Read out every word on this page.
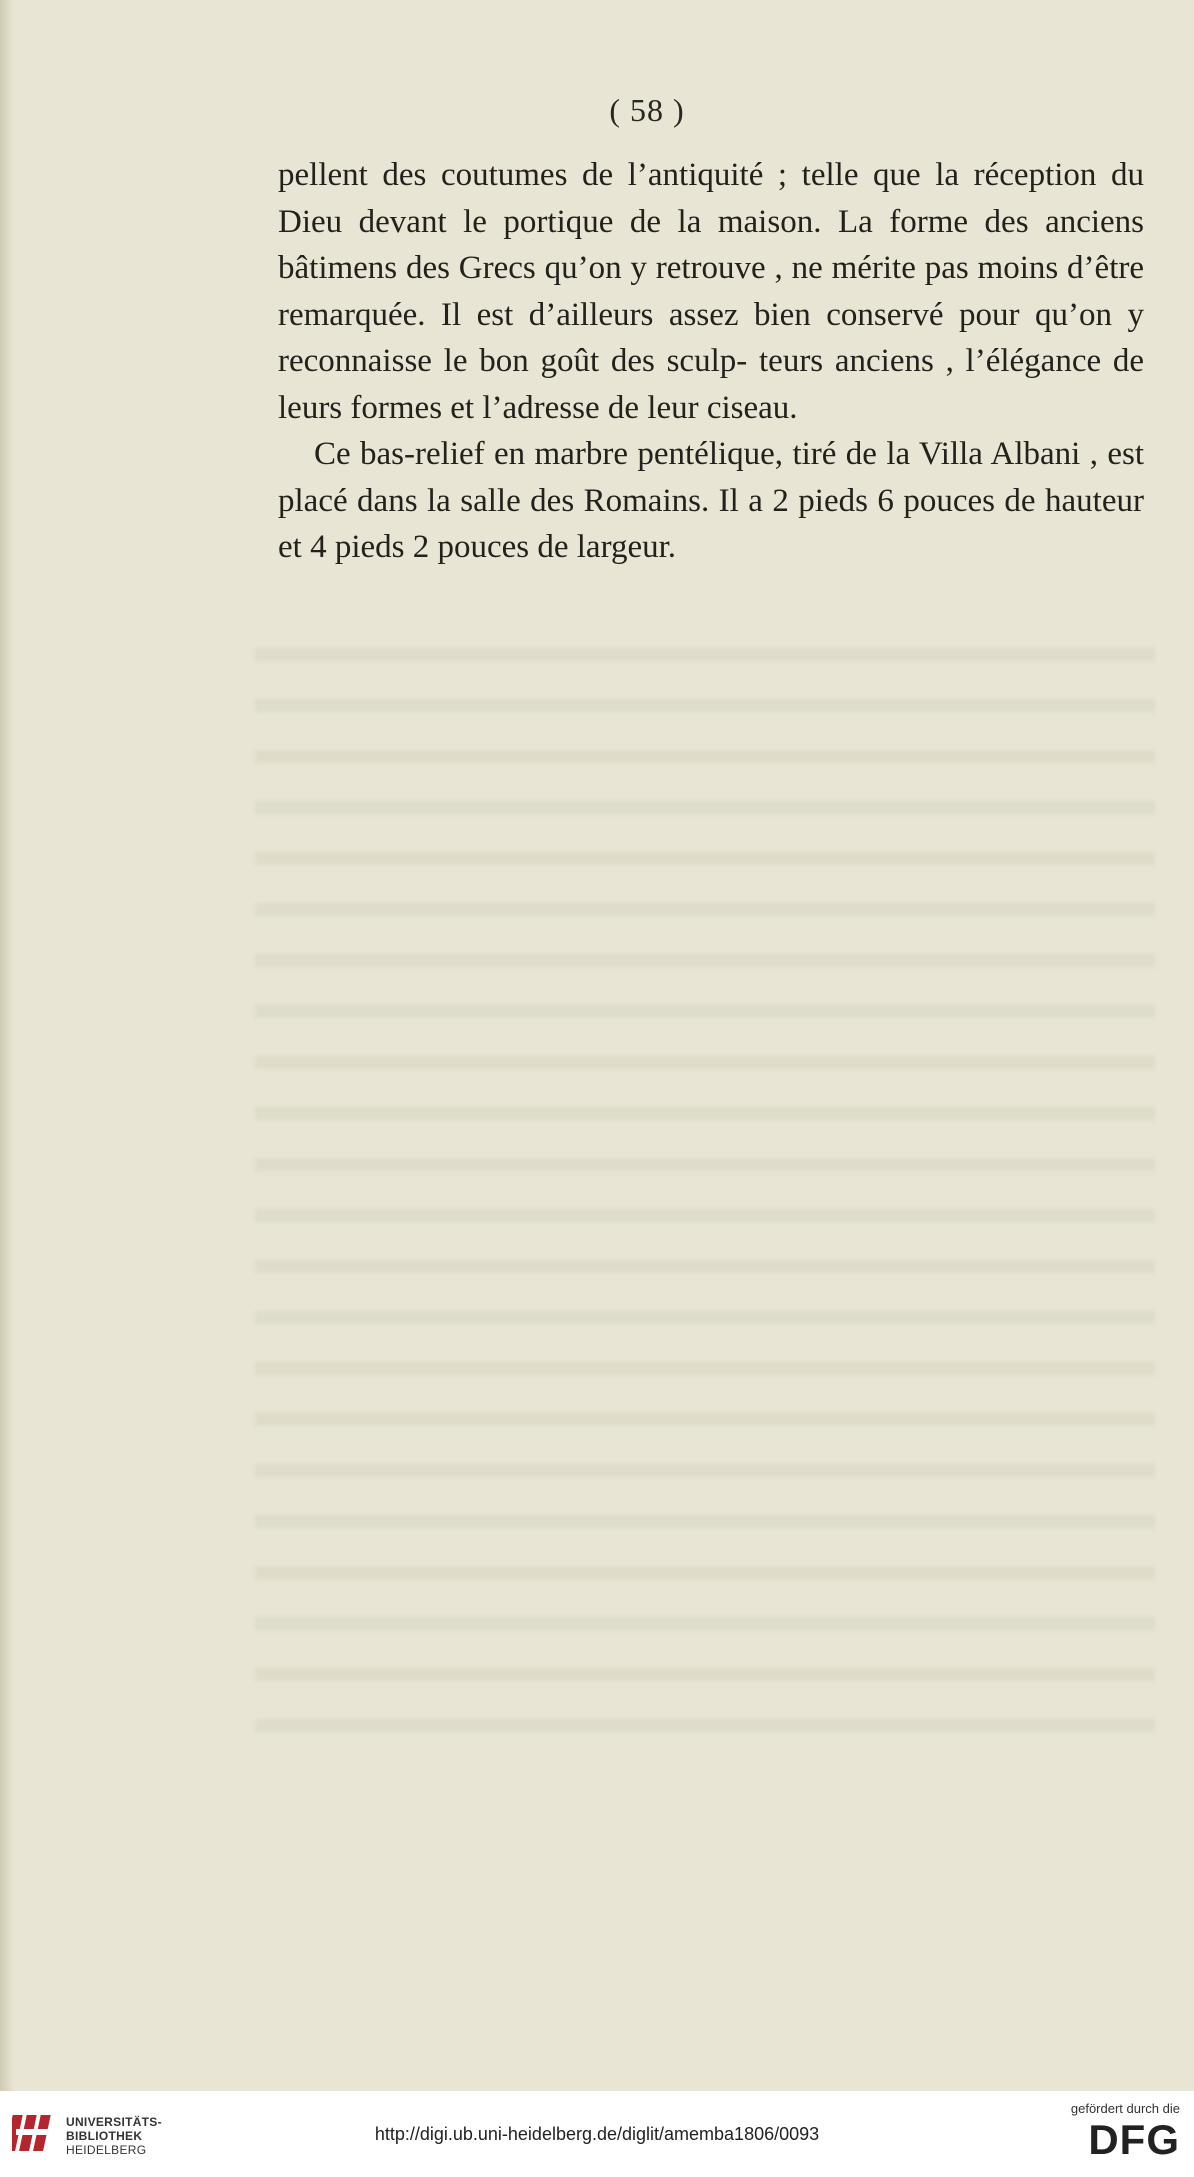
( 58 )

pellent des coutumes de l’antiquité ; telle que la réception du Dieu devant le portique de la maison. La forme des anciens bâtimens des Grecs qu’on y retrouve , ne mérite pas moins d’être remarquée. Il est d’ailleurs assez bien conservé pour qu’on y reconnaisse le bon goût des sculp- teurs anciens , l’élégance de leurs formes et l’adresse de leur ciseau.

Ce bas-relief en marbre pentélique, tiré de la Villa Albani , est placé dans la salle des Romains. Il a 2 pieds 6 pouces de hauteur et 4 pieds 2 pouces de largeur.

UNIVERSITÄTS-
BIBLIOTHEK
HEIDELBERG
http://digi.ub.uni-heidelberg.de/diglit/amemba1806/0093
gefördert durch die
DFG
